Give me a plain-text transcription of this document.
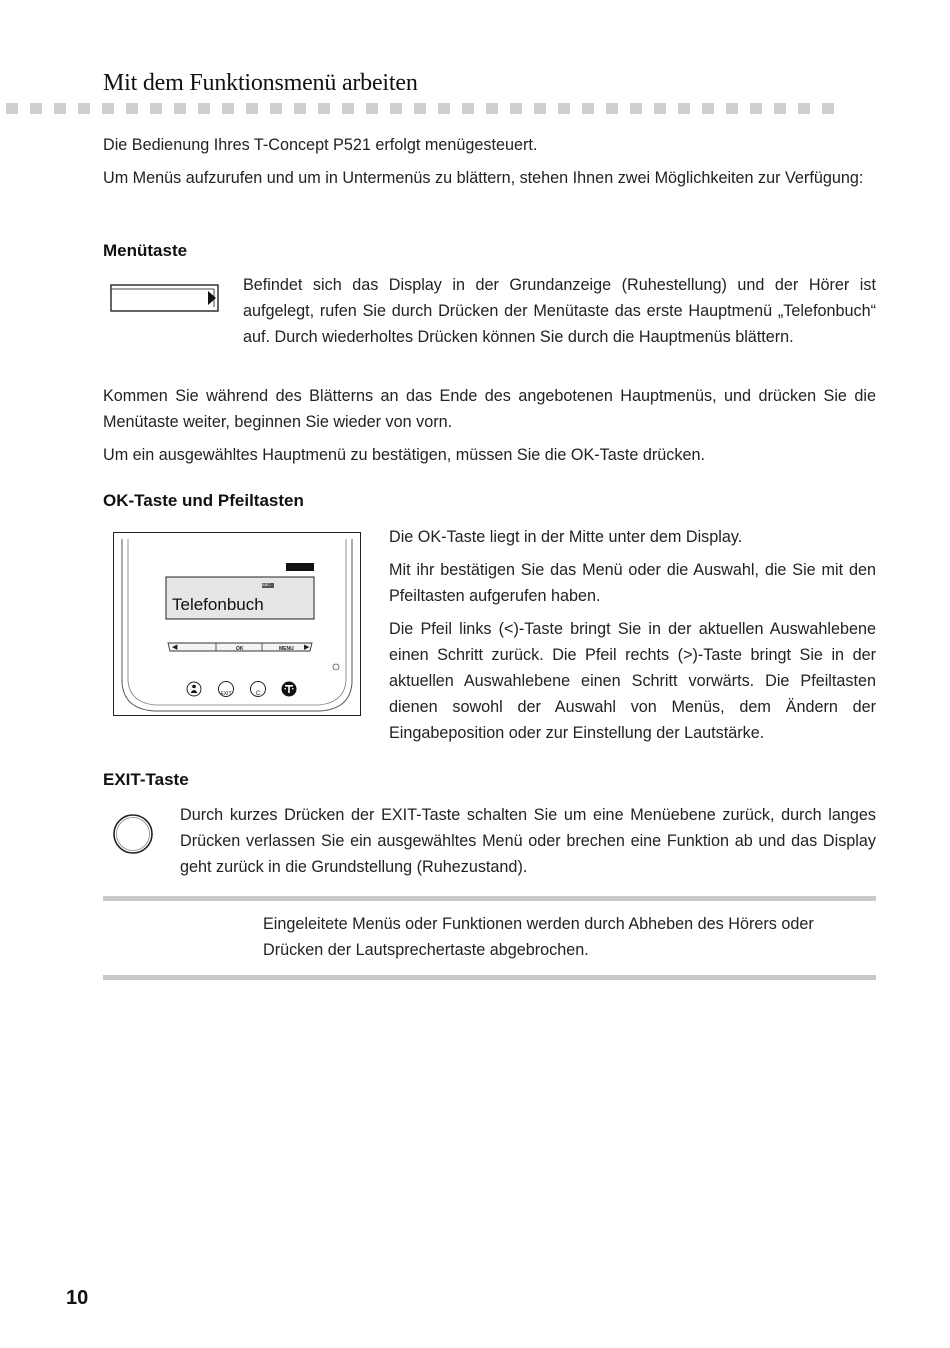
Mit dem Funktionsmenü arbeiten

Die Bedienung Ihres T-Concept P521 erfolgt menügesteuert.

Um Menüs aufzurufen und um in Untermenüs zu blättern, stehen Ihnen zwei Möglichkeiten zur Verfügung:

Menütaste

Befindet sich das Display in der Grundanzeige (Ruhestellung) und der Hörer ist aufgelegt, rufen Sie durch Drücken der Menütaste das erste Hauptmenü „Telefonbuch“ auf. Durch wiederholtes Drücken können Sie durch die Hauptmenüs blättern.

Kommen Sie während des Blätterns an das Ende des angebotenen Hauptmenüs, und drücken Sie die Menütaste weiter, beginnen Sie wieder von vorn.

Um ein ausgewähltes Hauptmenü zu bestätigen, müssen Sie die OK-Taste drücken.

OK-Taste und Pfeiltasten
Telefonbuch
ABC
◀	OK	MENU ▶
EXIT	C

Die OK-Taste liegt in der Mitte unter dem Display.

Mit ihr bestätigen Sie das Menü oder die Auswahl, die Sie mit den Pfeiltasten aufgerufen haben.

Die Pfeil links (<)-Taste bringt Sie in der aktuellen Auswahlebene einen Schritt zurück. Die Pfeil rechts (>)-Taste bringt Sie in der aktuellen Auswahlebene einen Schritt vorwärts. Die Pfeiltasten dienen sowohl der Auswahl von Menüs, dem Ändern der Eingabeposition oder zur Einstellung der Lautstärke.

EXIT-Taste

Durch kurzes Drücken der EXIT-Taste schalten Sie um eine Menüebene zurück, durch langes Drücken verlassen Sie ein ausgewähltes Menü oder brechen eine Funktion ab und das Display geht zurück in die Grundstellung (Ruhezustand).

Eingeleitete Menüs oder Funktionen werden durch Abheben des Hörers oder Drücken der Lautsprechertaste abgebrochen.

10
